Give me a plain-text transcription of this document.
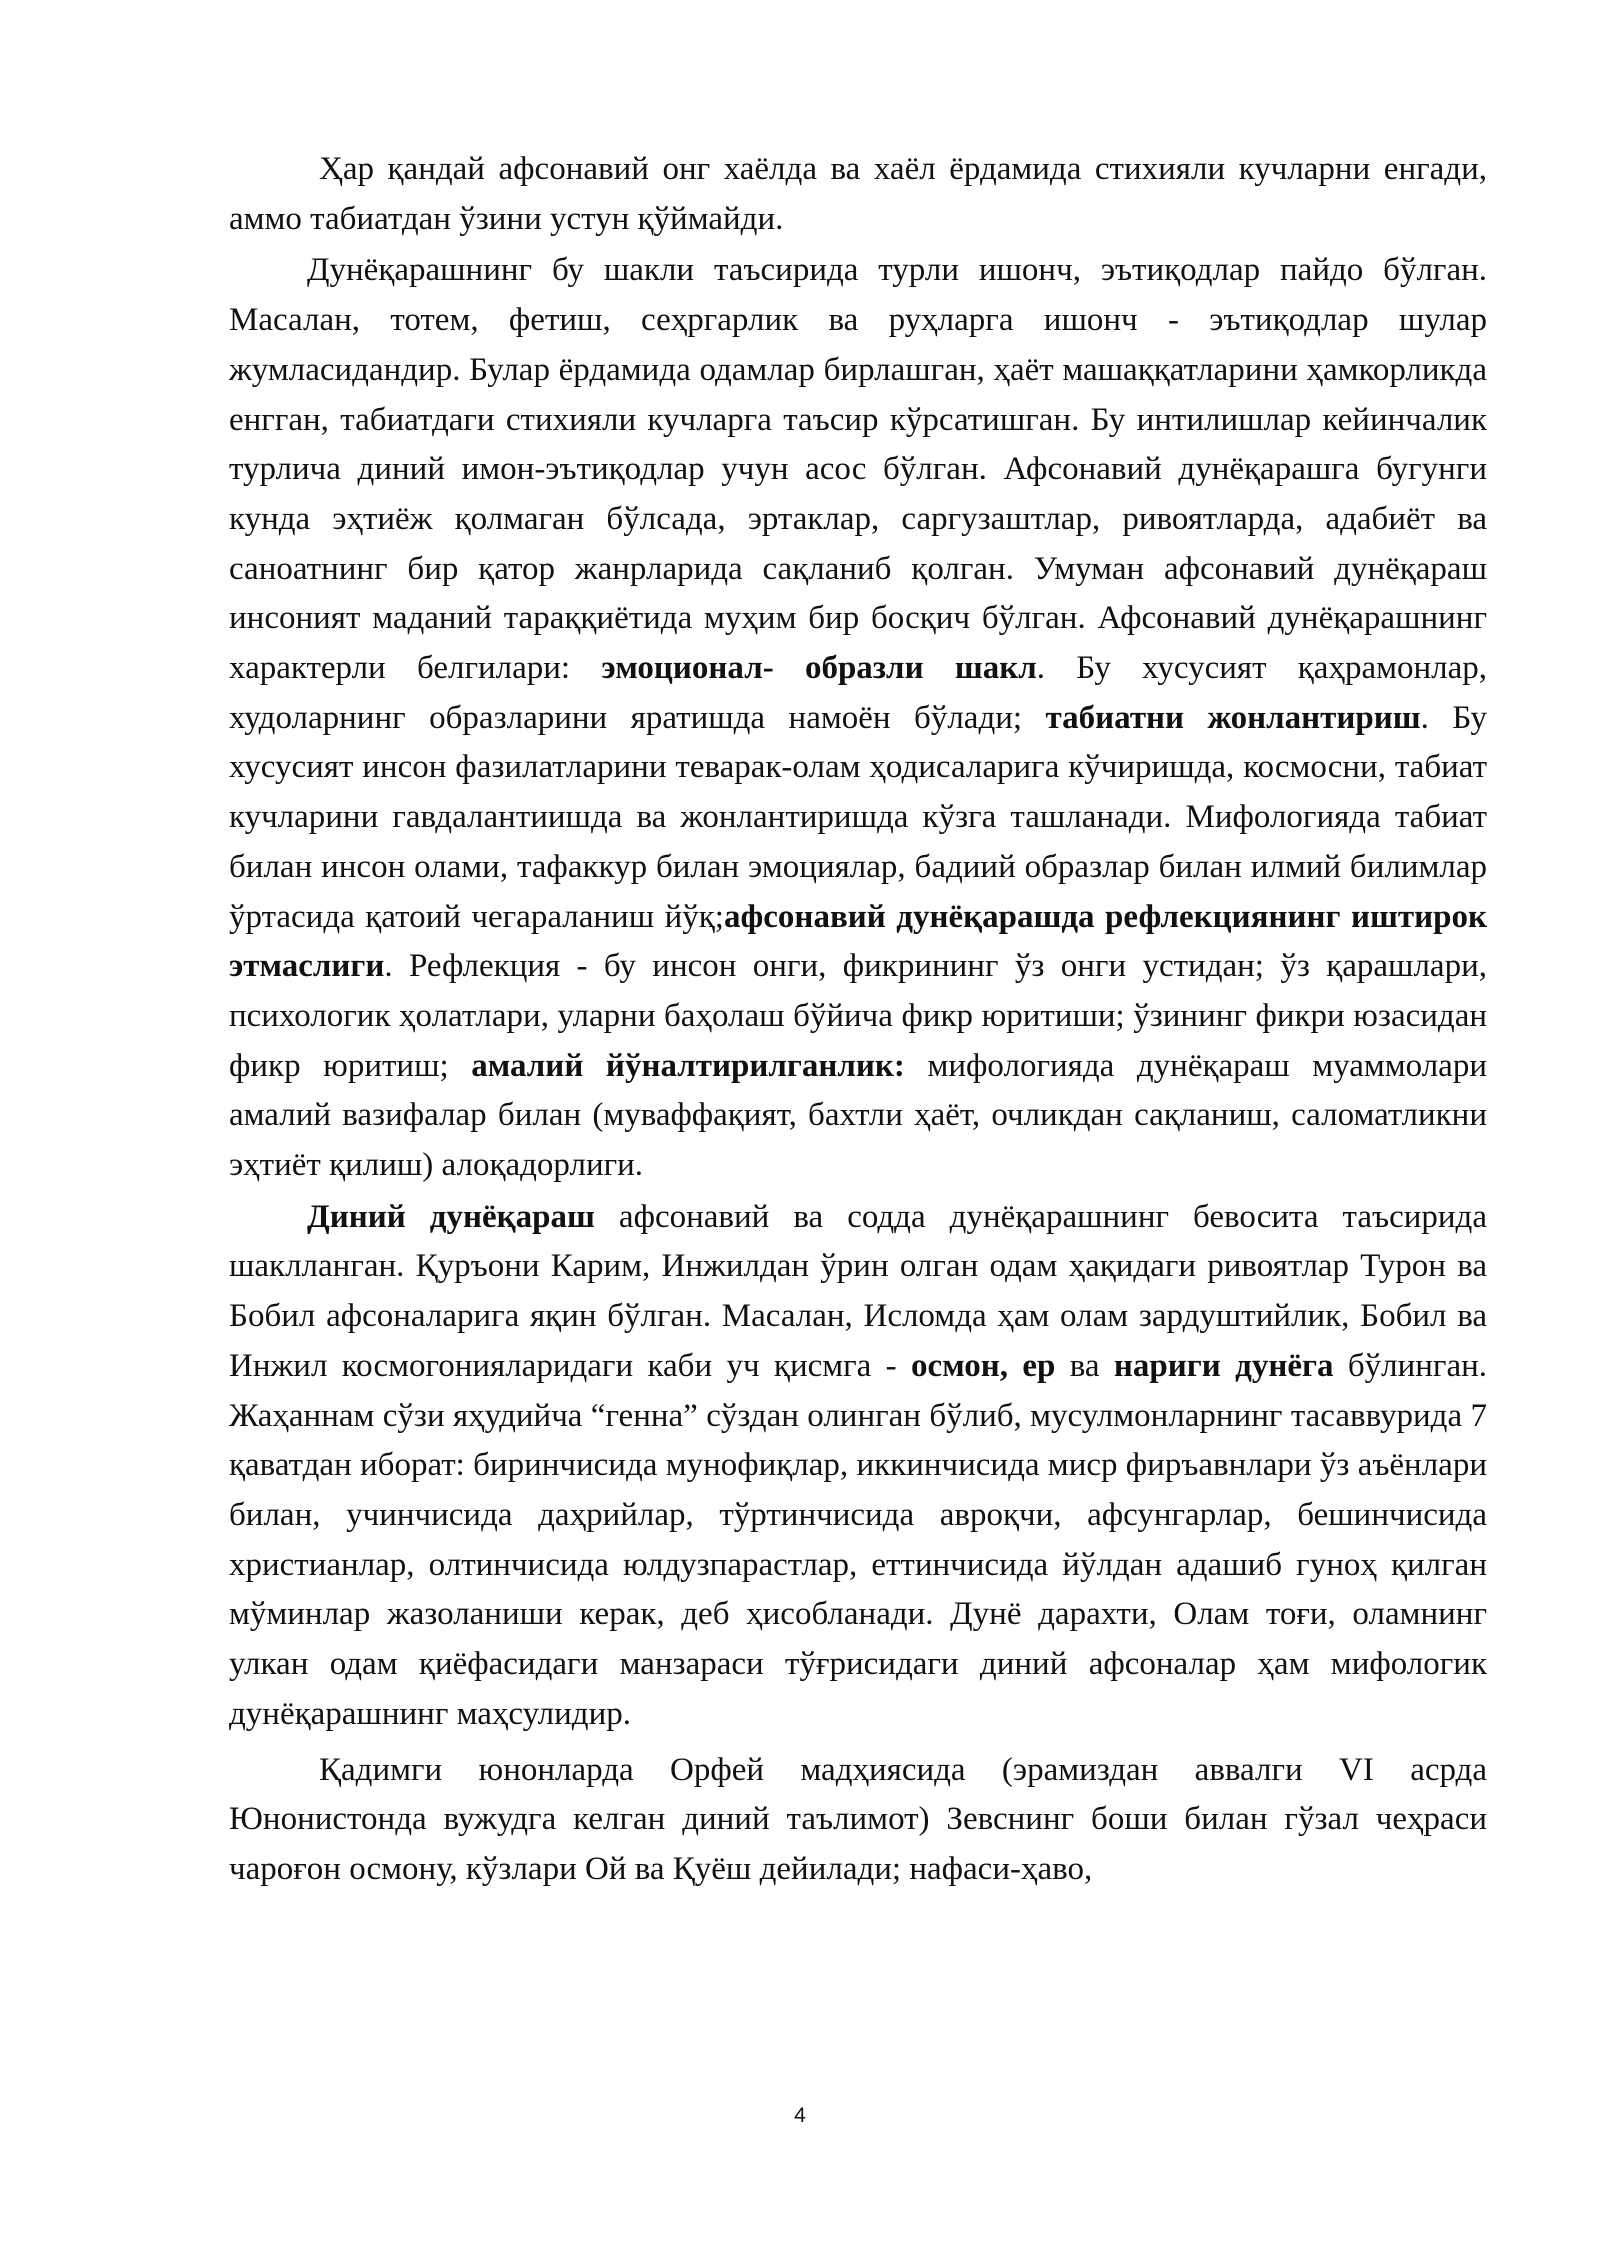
Ҳар қандай афсонавий онг хаёлда ва хаёл ёрдамида стихияли кучларни енгади, аммо табиатдан ўзини устун қўймайди.

Дунёқарашнинг бу шакли таъсирида турли ишонч, эътиқодлар пайдо бўлган. Масалан, тотем, фетиш, сеҳргарлик ва руҳларга ишонч - эътиқодлар шулар жумласидандир. Булар ёрдамида одамлар бирлашган, ҳаёт машаққатларини ҳамкорликда енгган, табиатдаги стихияли кучларга таъсир кўрсатишган. Бу интилишлар кейинчалик турлича диний имон-эътиқодлар учун асос бўлган. Афсонавий дунёқарашга бугунги кунда эҳтиёж қолмаган бўлсада, эртаклар, саргузаштлар, ривоятларда, адабиёт ва саноатнинг бир қатор жанрларида сақланиб қолган. Умуман афсонавий дунёқараш инсоният маданий тараққиётида муҳим бир босқич бўлган. Афсонавий дунёқарашнинг характерли белгилари: эмоционал- образли шакл. Бу хусусият қаҳрамонлар, худоларнинг образларини яратишда намоён бўлади; табиатни жонлантириш. Бу хусусият инсон фазилатларини теварак-олам ҳодисаларига кўчиришда, космосни, табиат кучларини гавдалантиишда ва жонлантиришда кўзга ташланади. Мифологияда табиат билан инсон олами, тафаккур билан эмоциялар, бадиий образлар билан илмий билимлар ўртасида қатоий чегараланиш йўқ;афсонавий дунёқарашда рефлекциянинг иштирок этмаслиги. Рефлекция - бу инсон онги, фикрининг ўз онги устидан; ўз қарашлари, психологик ҳолатлари, уларни баҳолаш бўйича фикр юритиши; ўзининг фикри юзасидан фикр юритиш; амалий йўналтирилганлик: мифологияда дунёқараш муаммолари амалий вазифалар билан (муваффақият, бахтли ҳаёт, очликдан сақланиш, саломатликни эҳтиёт қилиш) алоқадорлиги.

Диний дунёқараш афсонавий ва содда дунёқарашнинг бевосита таъсирида шаклланган. Қуръони Карим, Инжилдан ўрин олган одам ҳақидаги ривоятлар Турон ва Бобил афсоналарига яқин бўлган. Масалан, Исломда ҳам олам зардуштийлик, Бобил ва Инжил космогонияларидаги каби уч қисмга - осмон, ер ва нариги дунёга бўлинган. Жаҳаннам сўзи яҳудийча “генна” сўздан олинган бўлиб, мусулмонларнинг тасаввурида 7 қаватдан иборат: биринчисида мунофиқлар, иккинчисида миср фиръавнлари ўз аъёнлари билан, учинчисида даҳрийлар, тўртинчисида авроқчи, афсунгарлар, бешинчисида христианлар, олтинчисида юлдузпарастлар, еттинчисида йўлдан адашиб гуноҳ қилган мўминлар жазоланиши керак, деб ҳисобланади. Дунё дарахти, Олам тоғи, оламнинг улкан одам қиёфасидаги манзараси тўғрисидаги диний афсоналар ҳам мифологик дунёқарашнинг маҳсулидир.

Қадимги юнонларда Орфей мадҳиясида (эрамиздан аввалги VI асрда Юнонистонда вужудга келган диний таълимот) Зевснинг боши билан гўзал чеҳраси чароғон осмону, кўзлари Ой ва Қуёш дейилади; нафаси-ҳаво,

4
